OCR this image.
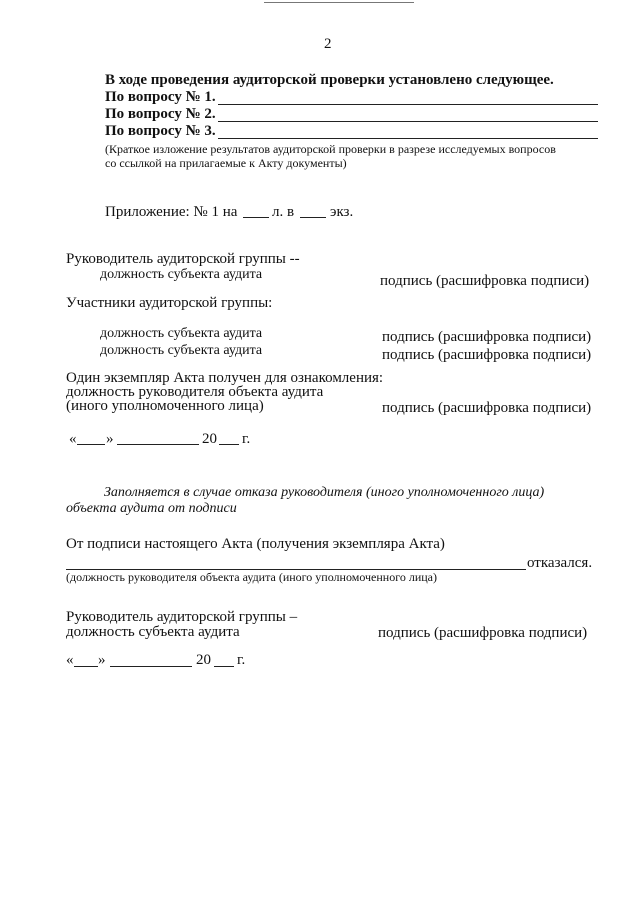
2
В ходе проведения аудиторской проверки установлено следующее.
По вопросу № 1.
По вопросу № 2.
По вопросу № 3.
(Краткое изложение результатов аудиторской проверки в разрезе исследуемых вопросов
со ссылкой на прилагаемые к Акту документы)
Приложение: № 1 на л. в экз.
Руководитель аудиторской группы --
должность субъекта аудита	подпись (расшифровка подписи)
Участники аудиторской группы:
должность субъекта аудита	подпись (расшифровка подписи)
должность субъекта аудита	подпись (расшифровка подписи)
Один экземпляр Акта получен для ознакомления:
должность руководителя объекта аудита
(иного уполномоченного лица)	подпись (расшифровка подписи)
« »	20 г.
Заполняется в случае отказа руководителя (иного уполномоченного лица)
объекта аудита от подписи
От подписи настоящего Акта (получения экземпляра Акта)
отказался.
(должность руководителя объекта аудита (иного уполномоченного лица)
Руководитель аудиторской группы –
должность субъекта аудита	подпись (расшифровка подписи)
« »	20 г.
